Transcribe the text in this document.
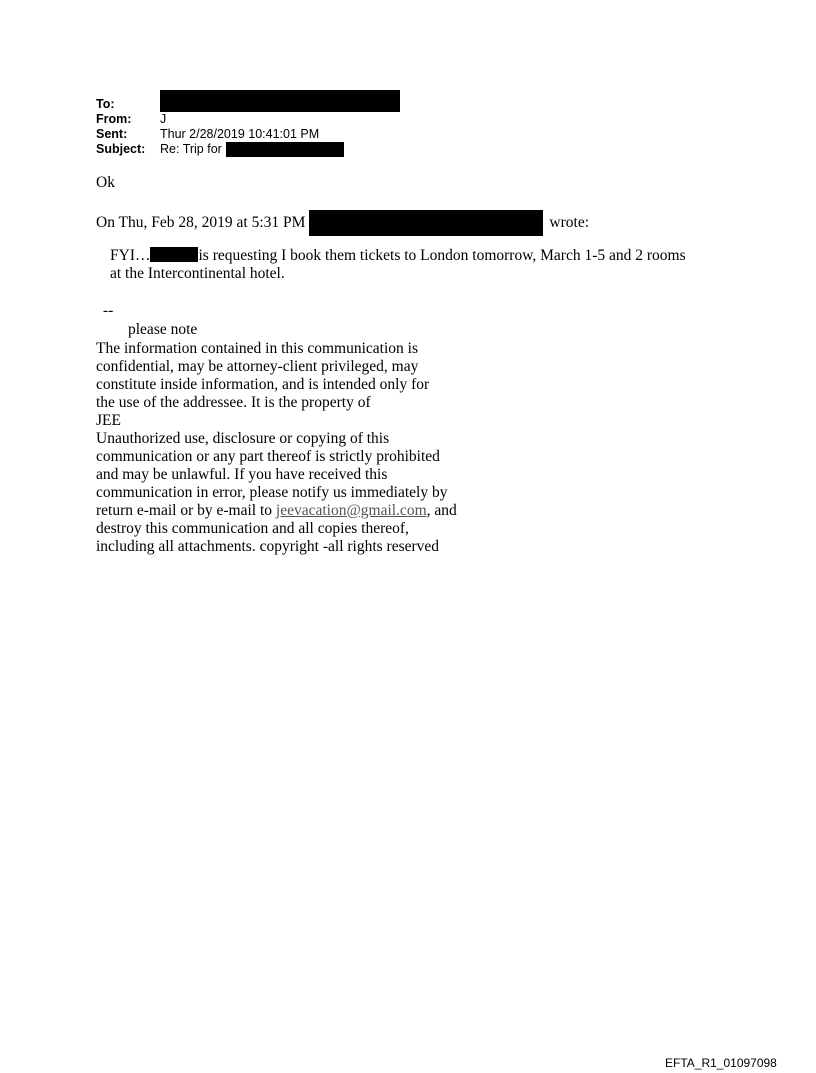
To:
From:	J
Sent:	Thur 2/28/2019 10:41:01 PM
Subject:	Re: Trip for
Ok
On Thu, Feb 28, 2019 at 5:31 PM	wrote:
FYI…	is requesting I book them tickets to London tomorrow, March 1-5 and 2 rooms
at the Intercontinental hotel.
--
please note
The information contained in this communication is
confidential, may be attorney-client privileged, may
constitute inside information, and is intended only for
the use of the addressee. It is the property of
JEE
Unauthorized use, disclosure or copying of this
communication or any part thereof is strictly prohibited
and may be unlawful. If you have received this
communication in error, please notify us immediately by
return e-mail or by e-mail to jeevacation@gmail.com, and
destroy this communication and all copies thereof,
including all attachments. copyright -all rights reserved
EFTA_R1_01097098
